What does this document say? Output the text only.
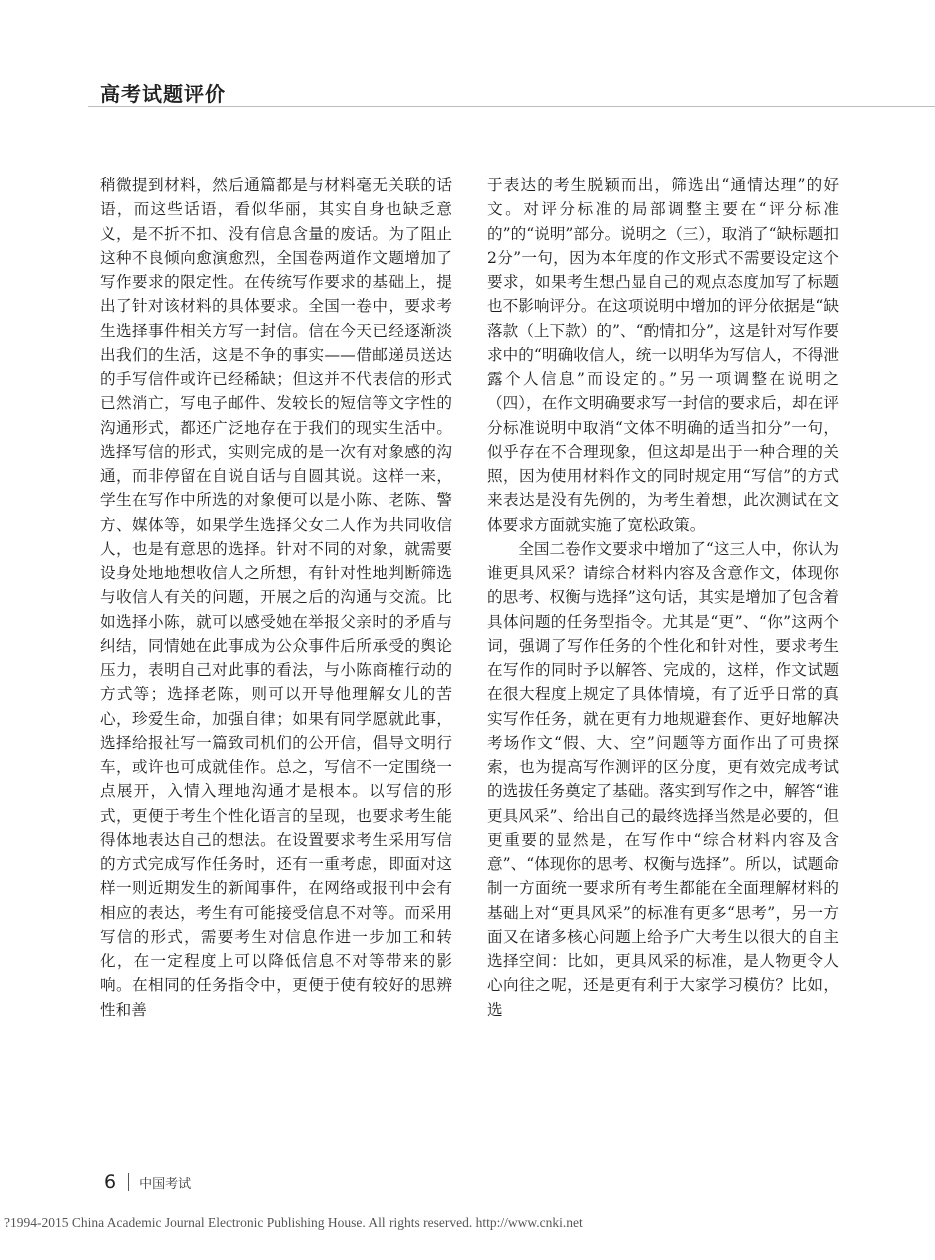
高考试题评价

稍微提到材料，然后通篇都是与材料毫无关联的话语，而这些话语，看似华丽，其实自身也缺乏意义，是不折不扣、没有信息含量的废话。为了阻止这种不良倾向愈演愈烈，全国卷两道作文题增加了写作要求的限定性。在传统写作要求的基础上，提出了针对该材料的具体要求。全国一卷中，要求考生选择事件相关方写一封信。信在今天已经逐渐淡出我们的生活，这是不争的事实——借邮递员送达的手写信件或许已经稀缺；但这并不代表信的形式已然消亡，写电子邮件、发较长的短信等文字性的沟通形式，都还广泛地存在于我们的现实生活中。选择写信的形式，实则完成的是一次有对象感的沟通，而非停留在自说自话与自圆其说。这样一来，学生在写作中所选的对象便可以是小陈、老陈、警方、媒体等，如果学生选择父女二人作为共同收信人，也是有意思的选择。针对不同的对象，就需要设身处地地想收信人之所想，有针对性地判断筛选与收信人有关的问题，开展之后的沟通与交流。比如选择小陈，就可以感受她在举报父亲时的矛盾与纠结，同情她在此事成为公众事件后所承受的舆论压力，表明自己对此事的看法，与小陈商榷行动的方式等；选择老陈，则可以开导他理解女儿的苦心，珍爱生命，加强自律；如果有同学愿就此事，选择给报社写一篇致司机们的公开信，倡导文明行车，或许也可成就佳作。总之，写信不一定围绕一点展开，入情入理地沟通才是根本。以写信的形式，更便于考生个性化语言的呈现，也要求考生能得体地表达自己的想法。在设置要求考生采用写信的方式完成写作任务时，还有一重考虑，即面对这样一则近期发生的新闻事件，在网络或报刊中会有相应的表达，考生有可能接受信息不对等。而采用写信的形式，需要考生对信息作进一步加工和转化，在一定程度上可以降低信息不对等带来的影响。在相同的任务指令中，更便于使有较好的思辨性和善

于表达的考生脱颖而出，筛选出“通情达理”的好文。对评分标准的局部调整主要在“评分标准的”的“说明”部分。说明之（三），取消了“缺标题扣2分”一句，因为本年度的作文形式不需要设定这个要求，如果考生想凸显自己的观点态度加写了标题也不影响评分。在这项说明中增加的评分依据是“缺落款（上下款）的”、“酌情扣分”，这是针对写作要求中的“明确收信人，统一以明华为写信人，不得泄露个人信息”而设定的。”另一项调整在说明之（四），在作文明确要求写一封信的要求后，却在评分标准说明中取消“文体不明确的适当扣分”一句，似乎存在不合理现象，但这却是出于一种合理的关照，因为使用材料作文的同时规定用“写信”的方式来表达是没有先例的，为考生着想，此次测试在文体要求方面就实施了宽松政策。

全国二卷作文要求中增加了“这三人中，你认为谁更具风采？请综合材料内容及含意作文，体现你的思考、权衡与选择”这句话，其实是增加了包含着具体问题的任务型指令。尤其是“更”、“你”这两个词，强调了写作任务的个性化和针对性，要求考生在写作的同时予以解答、完成的，这样，作文试题在很大程度上规定了具体情境，有了近乎日常的真实写作任务，就在更有力地规避套作、更好地解决考场作文“假、大、空”问题等方面作出了可贵探索，也为提高写作测评的区分度，更有效完成考试的选拔任务奠定了基础。落实到写作之中，解答“谁更具风采”、给出自己的最终选择当然是必要的，但更重要的显然是，在写作中“综合材料内容及含意”、“体现你的思考、权衡与选择”。所以，试题命制一方面统一要求所有考生都能在全面理解材料的基础上对“更具风采”的标准有更多“思考”，另一方面又在诸多核心问题上给予广大考生以很大的自主选择空间：比如，更具风采的标准，是人物更令人心向往之呢，还是更有利于大家学习模仿？比如，选

6 中国考试
?1994-2015 China Academic Journal Electronic Publishing House. All rights reserved. http://www.cnki.net
